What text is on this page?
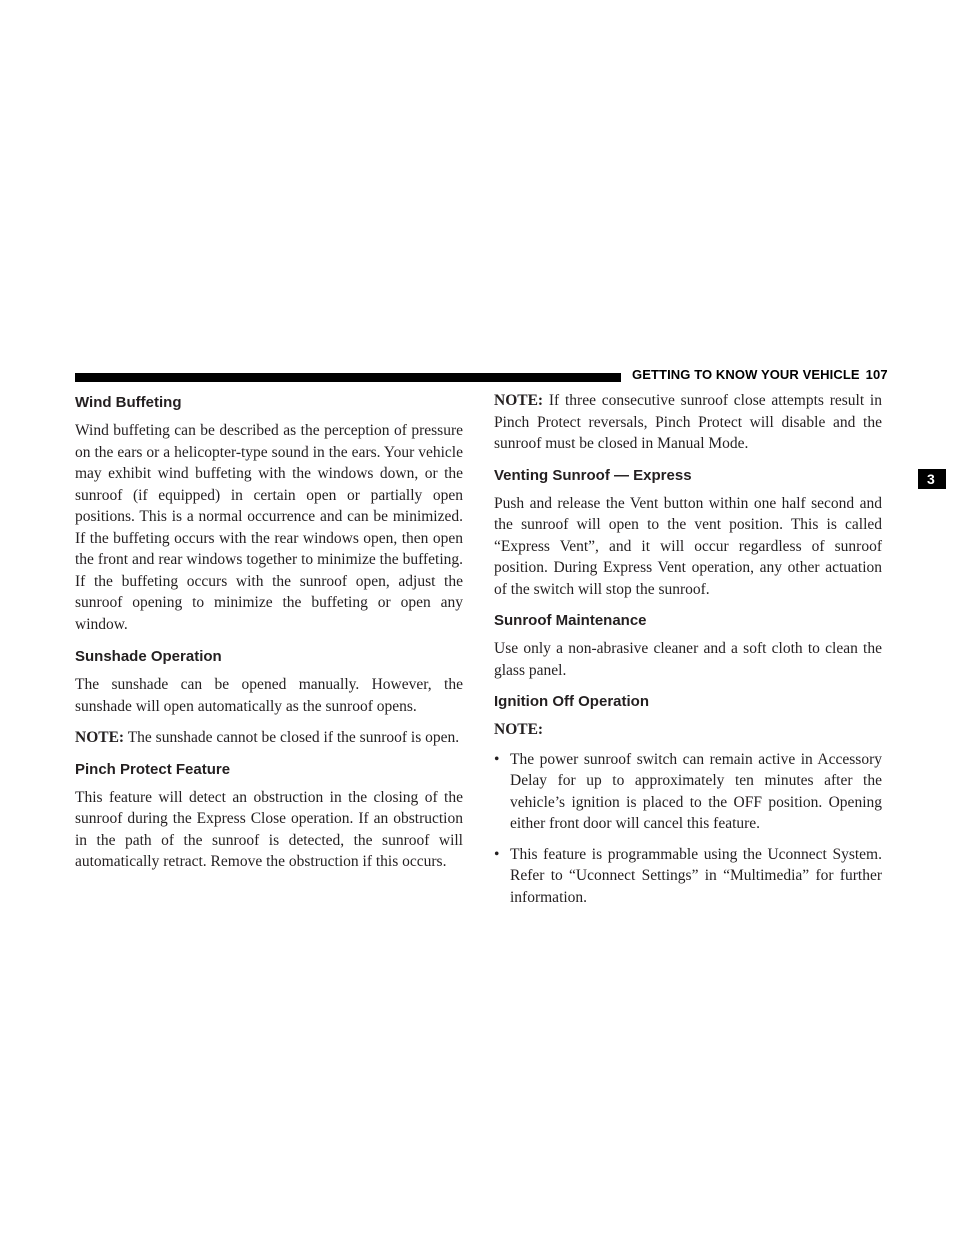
GETTING TO KNOW YOUR VEHICLE 107
3
Wind Buffeting

Wind buffeting can be described as the perception of pressure on the ears or a helicopter-type sound in the ears. Your vehicle may exhibit wind buffeting with the windows down, or the sunroof (if equipped) in certain open or partially open positions. This is a normal occurrence and can be minimized. If the buffeting occurs with the rear windows open, then open the front and rear windows together to minimize the buffeting. If the buffeting occurs with the sunroof open, adjust the sunroof opening to minimize the buffeting or open any window.

Sunshade Operation

The sunshade can be opened manually. However, the sunshade will open automatically as the sunroof opens.

NOTE: The sunshade cannot be closed if the sunroof is open.

Pinch Protect Feature

This feature will detect an obstruction in the closing of the sunroof during the Express Close operation. If an obstruction in the path of the sunroof is detected, the sunroof will automatically retract. Remove the obstruction if this occurs.

NOTE: If three consecutive sunroof close attempts result in Pinch Protect reversals, Pinch Protect will disable and the sunroof must be closed in Manual Mode.

Venting Sunroof — Express

Push and release the Vent button within one half second and the sunroof will open to the vent position. This is called “Express Vent”, and it will occur regardless of sunroof position. During Express Vent operation, any other actuation of the switch will stop the sunroof.

Sunroof Maintenance

Use only a non-abrasive cleaner and a soft cloth to clean the glass panel.

Ignition Off Operation

NOTE:

• The power sunroof switch can remain active in Accessory Delay for up to approximately ten minutes after the vehicle’s ignition is placed to the OFF position. Opening either front door will cancel this feature.

• This feature is programmable using the Uconnect System. Refer to “Uconnect Settings” in “Multimedia” for further information.
